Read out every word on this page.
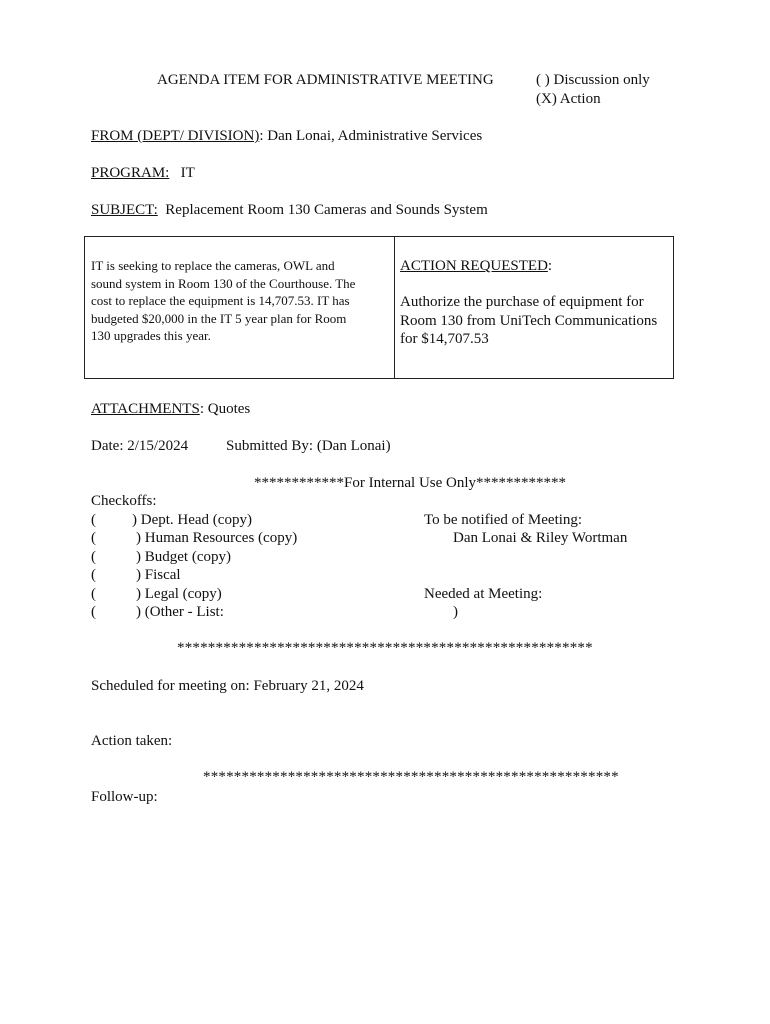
AGENDA ITEM FOR ADMINISTRATIVE MEETING	( ) Discussion only
(X) Action
FROM (DEPT/ DIVISION): Dan Lonai, Administrative Services
PROGRAM: IT
SUBJECT: Replacement Room 130 Cameras and Sounds System
IT is seeking to replace the cameras, OWL and
sound system in Room 130 of the Courthouse. The
cost to replace the equipment is 14,707.53. IT has
budgeted $20,000 in the IT 5 year plan for Room
130 upgrades this year.
ACTION REQUESTED:
Authorize the purchase of equipment for
Room 130 from UniTech Communications
for $14,707.53
ATTACHMENTS: Quotes
Date: 2/15/2024	Submitted By: (Dan Lonai)
************For Internal Use Only************
Checkoffs:
( ) Dept. Head (copy)
(	) Human Resources (copy)
(	) Budget (copy)
(	) Fiscal
(	) Legal (copy)
(	) (Other - List:
To be notified of Meeting:
Dan Lonai & Riley Wortman
Needed at Meeting:
)
******************************************************
Scheduled for meeting on: February 21, 2024
Action taken:
******************************************************
Follow-up:
